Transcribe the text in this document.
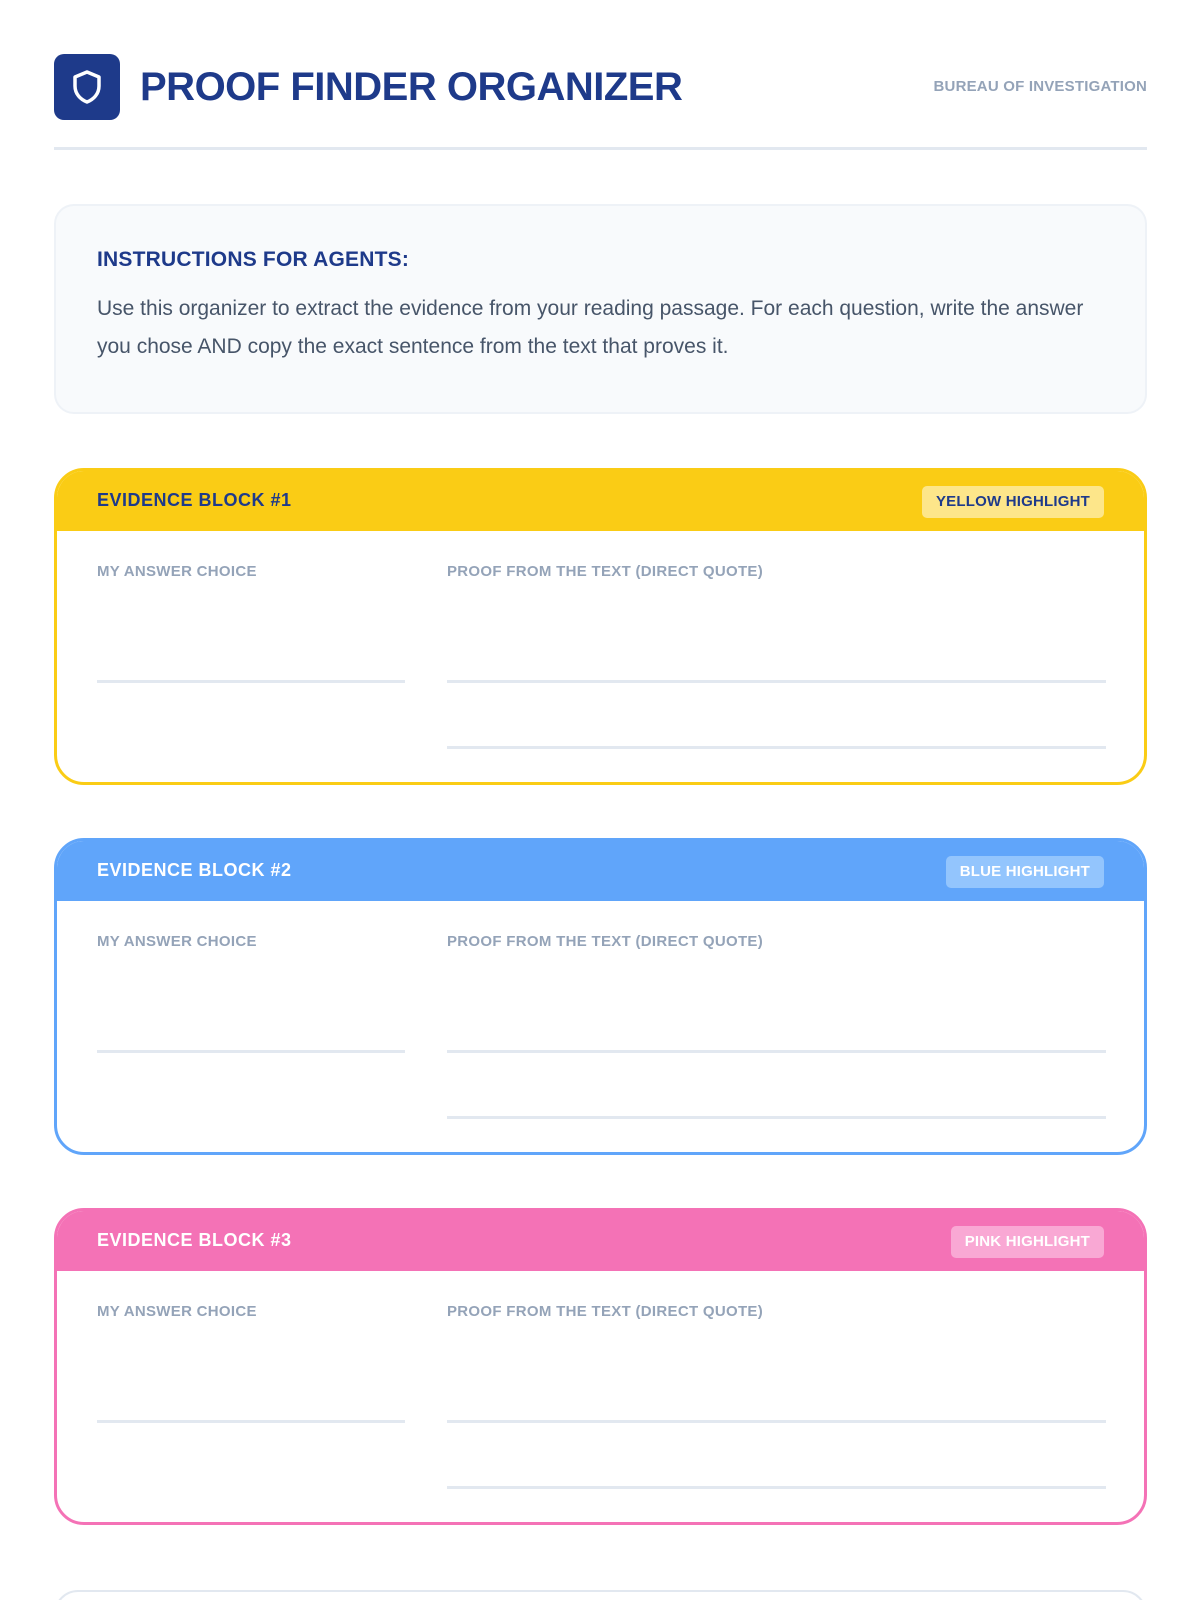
PROOF FINDER ORGANIZER	BUREAU OF INVESTIGATION
INSTRUCTIONS FOR AGENTS:

Use this organizer to extract the evidence from your reading passage. For each question, write the answer you chose AND copy the exact sentence from the text that proves it.

EVIDENCE BLOCK #1	YELLOW HIGHLIGHT
MY ANSWER CHOICE	PROOF FROM THE TEXT (DIRECT QUOTE)
EVIDENCE BLOCK #2	BLUE HIGHLIGHT
MY ANSWER CHOICE	PROOF FROM THE TEXT (DIRECT QUOTE)
EVIDENCE BLOCK #3	PINK HIGHLIGHT
MY ANSWER CHOICE	PROOF FROM THE TEXT (DIRECT QUOTE)
